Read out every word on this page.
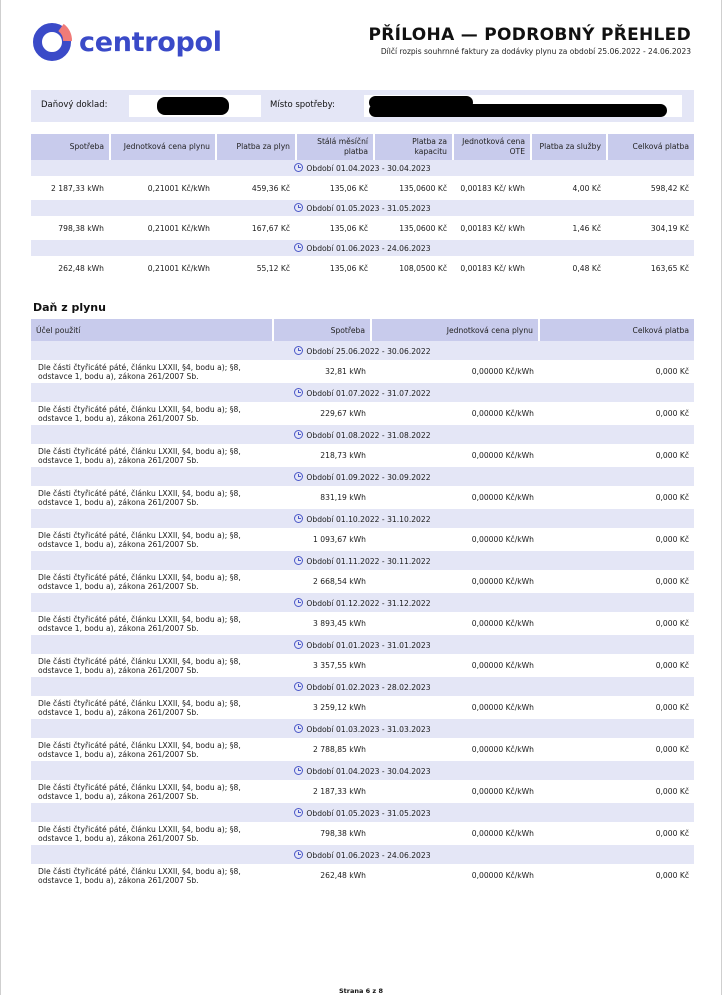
centropol	PŘÍLOHA — PODROBNÝ PŘEHLED
Dílčí rozpis souhrnné faktury za dodávky plynu za období 25.06.2022 - 24.06.2023
Daňový doklad:	Místo spotřeby:
Spotřeba	Jednotková cena plynu	Platba za plyn	Stálá měsíční platba	Platba za kapacitu	Jednotková cena OTE	Platba za služby	Celková platba
Období 01.04.2023 - 30.04.2023							
2 187,33 kWh	0,21001 Kč/kWh	459,36 Kč	135,06 Kč	135,0600 Kč	0,00183 Kč/ kWh	4,00 Kč	598,42 Kč
Období 01.05.2023 - 31.05.2023							
798,38 kWh	0,21001 Kč/kWh	167,67 Kč	135,06 Kč	135,0600 Kč	0,00183 Kč/ kWh	1,46 Kč	304,19 Kč
Období 01.06.2023 - 24.06.2023							
262,48 kWh	0,21001 Kč/kWh	55,12 Kč	135,06 Kč	108,0500 Kč	0,00183 Kč/ kWh	0,48 Kč	163,65 Kč
Daň z plynu
Účel použití	Spotřeba	Jednotková cena plynu	Celková platba
Období 25.06.2022 - 30.06.2022			
Dle části čtyřicáté páté, článku LXXII, §4, bodu a); §8, odstavce 1, bodu a), zákona 261/2007 Sb.	32,81 kWh	0,00000 Kč/kWh	0,000 Kč
Období 01.07.2022 - 31.07.2022			
Dle části čtyřicáté páté, článku LXXII, §4, bodu a); §8, odstavce 1, bodu a), zákona 261/2007 Sb.	229,67 kWh	0,00000 Kč/kWh	0,000 Kč
Období 01.08.2022 - 31.08.2022			
Dle části čtyřicáté páté, článku LXXII, §4, bodu a); §8, odstavce 1, bodu a), zákona 261/2007 Sb.	218,73 kWh	0,00000 Kč/kWh	0,000 Kč
Období 01.09.2022 - 30.09.2022			
Dle části čtyřicáté páté, článku LXXII, §4, bodu a); §8, odstavce 1, bodu a), zákona 261/2007 Sb.	831,19 kWh	0,00000 Kč/kWh	0,000 Kč
Období 01.10.2022 - 31.10.2022			
Dle části čtyřicáté páté, článku LXXII, §4, bodu a); §8, odstavce 1, bodu a), zákona 261/2007 Sb.	1 093,67 kWh	0,00000 Kč/kWh	0,000 Kč
Období 01.11.2022 - 30.11.2022			
Dle části čtyřicáté páté, článku LXXII, §4, bodu a); §8, odstavce 1, bodu a), zákona 261/2007 Sb.	2 668,54 kWh	0,00000 Kč/kWh	0,000 Kč
Období 01.12.2022 - 31.12.2022			
Dle části čtyřicáté páté, článku LXXII, §4, bodu a); §8, odstavce 1, bodu a), zákona 261/2007 Sb.	3 893,45 kWh	0,00000 Kč/kWh	0,000 Kč
Období 01.01.2023 - 31.01.2023			
Dle části čtyřicáté páté, článku LXXII, §4, bodu a); §8, odstavce 1, bodu a), zákona 261/2007 Sb.	3 357,55 kWh	0,00000 Kč/kWh	0,000 Kč
Období 01.02.2023 - 28.02.2023			
Dle části čtyřicáté páté, článku LXXII, §4, bodu a); §8, odstavce 1, bodu a), zákona 261/2007 Sb.	3 259,12 kWh	0,00000 Kč/kWh	0,000 Kč
Období 01.03.2023 - 31.03.2023			
Dle části čtyřicáté páté, článku LXXII, §4, bodu a); §8, odstavce 1, bodu a), zákona 261/2007 Sb.	2 788,85 kWh	0,00000 Kč/kWh	0,000 Kč
Období 01.04.2023 - 30.04.2023			
Dle části čtyřicáté páté, článku LXXII, §4, bodu a); §8, odstavce 1, bodu a), zákona 261/2007 Sb.	2 187,33 kWh	0,00000 Kč/kWh	0,000 Kč
Období 01.05.2023 - 31.05.2023			
Dle části čtyřicáté páté, článku LXXII, §4, bodu a); §8, odstavce 1, bodu a), zákona 261/2007 Sb.	798,38 kWh	0,00000 Kč/kWh	0,000 Kč
Období 01.06.2023 - 24.06.2023			
Dle části čtyřicáté páté, článku LXXII, §4, bodu a); §8, odstavce 1, bodu a), zákona 261/2007 Sb.	262,48 kWh	0,00000 Kč/kWh	0,000 Kč
Strana 6 z 8
